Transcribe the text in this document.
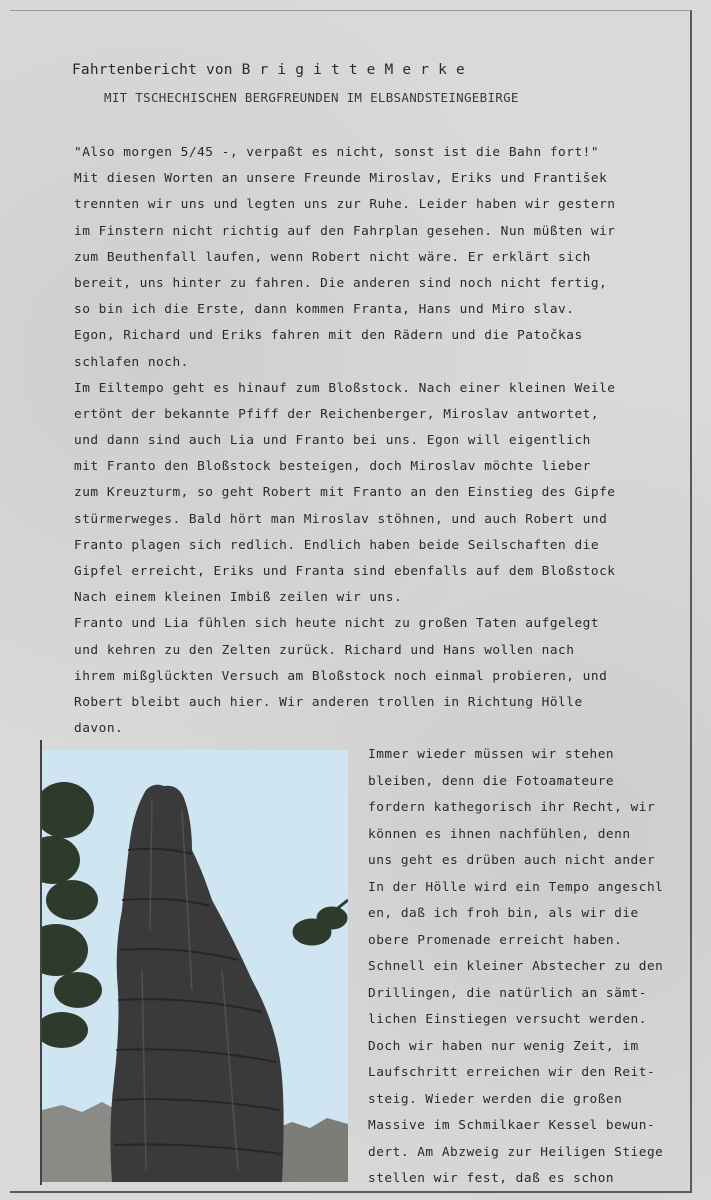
Fahrtenbericht von B r i g i t t e M e r k e
MIT TSCHECHISCHEN BERGFREUNDEN IM ELBSANDSTEINGEBIRGE
"Also morgen 5/45 -, verpaßt es nicht, sonst ist die Bahn fort!"
Mit diesen Worten an unsere Freunde Miroslav, Eriks und František
trennten wir uns und legten uns zur Ruhe. Leider haben wir gestern
im Finstern nicht richtig auf den Fahrplan gesehen. Nun müßten wir
zum Beuthenfall laufen, wenn Robert nicht wäre. Er erklärt sich
bereit, uns hinter zu fahren. Die anderen sind noch nicht fertig,
so bin ich die Erste, dann kommen Franta, Hans und Miro slav.
Egon, Richard und Eriks fahren mit den Rädern und die Patočkas
schlafen noch.
Im Eiltempo geht es hinauf zum Bloßstock. Nach einer kleinen Weile
ertönt der bekannte Pfiff der Reichenberger, Miroslav antwortet,
und dann sind auch Lia und Franto bei uns. Egon will eigentlich
mit Franto den Bloßstock besteigen, doch Miroslav möchte lieber
zum Kreuzturm, so geht Robert mit Franto an den Einstieg des Gipfe
stürmerweges. Bald hört man Miroslav stöhnen, und auch Robert und
Franto plagen sich redlich. Endlich haben beide Seilschaften die
Gipfel erreicht, Eriks und Franta sind ebenfalls auf dem Bloßstock
Nach einem kleinen Imbiß zeilen wir uns.
Franto und Lia fühlen sich heute nicht zu großen Taten aufgelegt
und kehren zu den Zelten zurück. Richard und Hans wollen nach
ihrem mißglückten Versuch am Bloßstock noch einmal probieren, und
Robert bleibt auch hier. Wir anderen trollen in Richtung Hölle
davon.
Immer wieder müssen wir stehen
bleiben, denn die Fotoamateure
fordern kathegorisch ihr Recht, wir
können es ihnen nachfühlen, denn
uns geht es drüben auch nicht ander
In der Hölle wird ein Tempo angeschl
en, daß ich froh bin, als wir die
obere Promenade erreicht haben.
Schnell ein kleiner Abstecher zu den
Drillingen, die natürlich an sämt-
lichen Einstiegen versucht werden.
Doch wir haben nur wenig Zeit, im
Laufschritt erreichen wir den Reit-
steig. Wieder werden die großen
Massive im Schmilkaer Kessel bewun-
dert. Am Abzweig zur Heiligen Stiege
stellen wir fest, daß es schon
